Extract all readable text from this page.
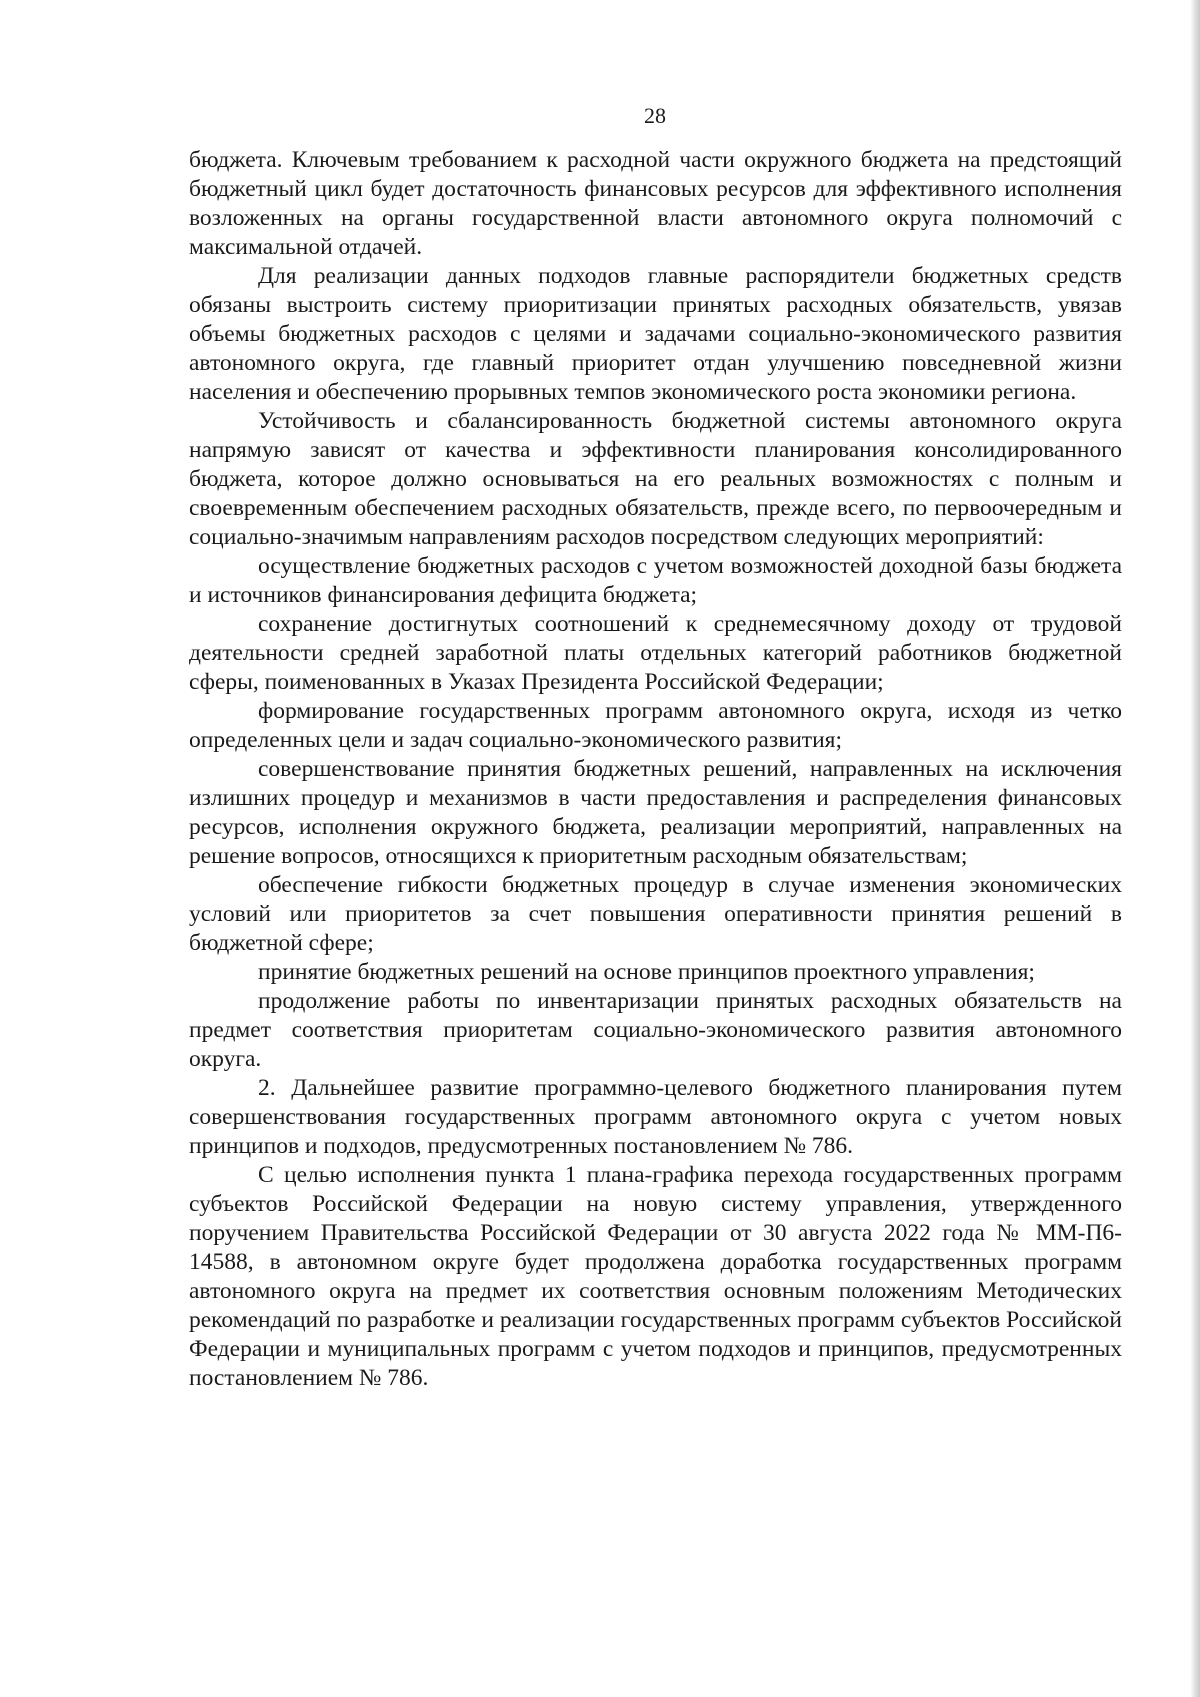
28

бюджета. Ключевым требованием к расходной части окружного бюджета на предстоящий бюджетный цикл будет достаточность финансовых ресурсов для эффективного исполнения возложенных на органы государственной власти автономного округа полномочий с максимальной отдачей.

Для реализации данных подходов главные распорядители бюджетных средств обязаны выстроить систему приоритизации принятых расходных обязательств, увязав объемы бюджетных расходов с целями и задачами социально-экономического развития автономного округа, где главный приоритет отдан улучшению повседневной жизни населения и обеспечению прорывных темпов экономического роста экономики региона.

Устойчивость и сбалансированность бюджетной системы автономного округа напрямую зависят от качества и эффективности планирования консолидированного бюджета, которое должно основываться на его реальных возможностях с полным и своевременным обеспечением расходных обязательств, прежде всего, по первоочередным и социально-значимым направлениям расходов посредством следующих мероприятий:

осуществление бюджетных расходов с учетом возможностей доходной базы бюджета и источников финансирования дефицита бюджета;

сохранение достигнутых соотношений к среднемесячному доходу от трудовой деятельности средней заработной платы отдельных категорий работников бюджетной сферы, поименованных в Указах Президента Российской Федерации;

формирование государственных программ автономного округа, исходя из четко определенных цели и задач социально-экономического развития;

совершенствование принятия бюджетных решений, направленных на исключения излишних процедур и механизмов в части предоставления и распределения финансовых ресурсов, исполнения окружного бюджета, реализации мероприятий, направленных на решение вопросов, относящихся к приоритетным расходным обязательствам;

обеспечение гибкости бюджетных процедур в случае изменения экономических условий или приоритетов за счет повышения оперативности принятия решений в бюджетной сфере;

принятие бюджетных решений на основе принципов проектного управления;

продолжение работы по инвентаризации принятых расходных обязательств на предмет соответствия приоритетам социально-экономического развития автономного округа.

2. Дальнейшее развитие программно-целевого бюджетного планирования путем совершенствования государственных программ автономного округа с учетом новых принципов и подходов, предусмотренных постановлением № 786.

С целью исполнения пункта 1 плана-графика перехода государственных программ субъектов Российской Федерации на новую систему управления, утвержденного поручением Правительства Российской Федерации от 30 августа 2022 года № ММ-П6-14588, в автономном округе будет продолжена доработка государственных программ автономного округа на предмет их соответствия основным положениям Методических рекомендаций по разработке и реализации государственных программ субъектов Российской Федерации и муниципальных программ с учетом подходов и принципов, предусмотренных постановлением № 786.
